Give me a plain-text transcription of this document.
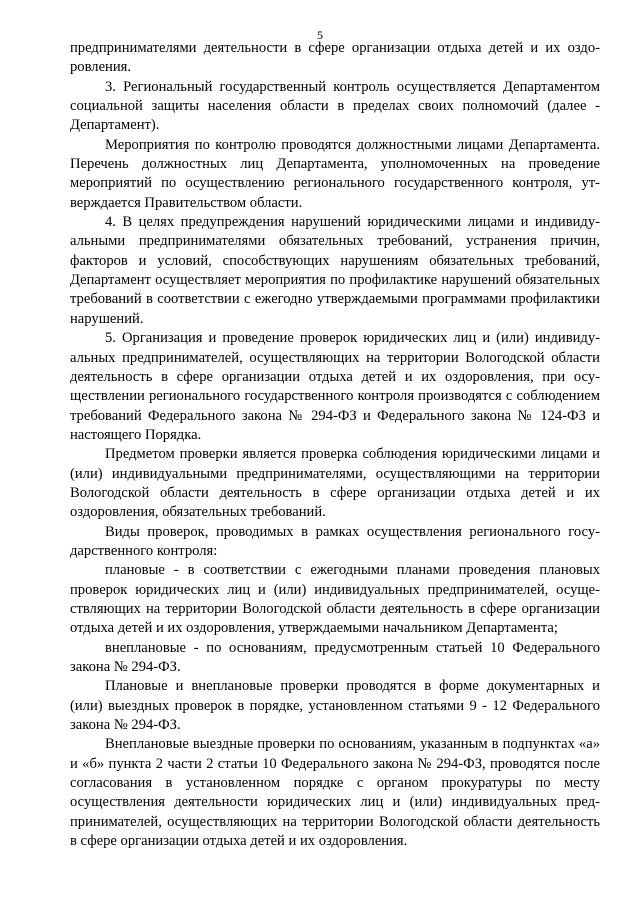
5

предпринимателями деятельности в сфере организации отдыха детей и их оздоровления.

3. Региональный государственный контроль осуществляется Департаментом социальной защиты населения области в пределах своих полномочий (далее - Департамент).

Мероприятия по контролю проводятся должностными лицами Департамента. Перечень должностных лиц Департамента, уполномоченных на проведение мероприятий по осуществлению регионального государственного контроля, утверждается Правительством области.

4. В целях предупреждения нарушений юридическими лицами и индивидуальными предпринимателями обязательных требований, устранения причин, факторов и условий, способствующих нарушениям обязательных требований, Департамент осуществляет мероприятия по профилактике нарушений обязательных требований в соответствии с ежегодно утверждаемыми программами профилактики нарушений.

5. Организация и проведение проверок юридических лиц и (или) индивидуальных предпринимателей, осуществляющих на территории Вологодской области деятельность в сфере организации отдыха детей и их оздоровления, при осуществлении регионального государственного контроля производятся с соблюдением требований Федерального закона № 294-ФЗ и Федерального закона № 124-ФЗ и настоящего Порядка.

Предметом проверки является проверка соблюдения юридическими лицами и (или) индивидуальными предпринимателями, осуществляющими на территории Вологодской области деятельность в сфере организации отдыха детей и их оздоровления, обязательных требований.

Виды проверок, проводимых в рамках осуществления регионального государственного контроля:

плановые - в соответствии с ежегодными планами проведения плановых проверок юридических лиц и (или) индивидуальных предпринимателей, осуществляющих на территории Вологодской области деятельность в сфере организации отдыха детей и их оздоровления, утверждаемыми начальником Департамента;

внеплановые - по основаниям, предусмотренным статьей 10 Федерального закона № 294-ФЗ.

Плановые и внеплановые проверки проводятся в форме документарных и (или) выездных проверок в порядке, установленном статьями 9 - 12 Федерального закона № 294-ФЗ.

Внеплановые выездные проверки по основаниям, указанным в подпунктах «а» и «б» пункта 2 части 2 статьи 10 Федерального закона № 294-ФЗ, проводятся после согласования в установленном порядке с органом прокуратуры по месту осуществления деятельности юридических лиц и (или) индивидуальных предпринимателей, осуществляющих на территории Вологодской области деятельность в сфере организации отдыха детей и их оздоровления.
